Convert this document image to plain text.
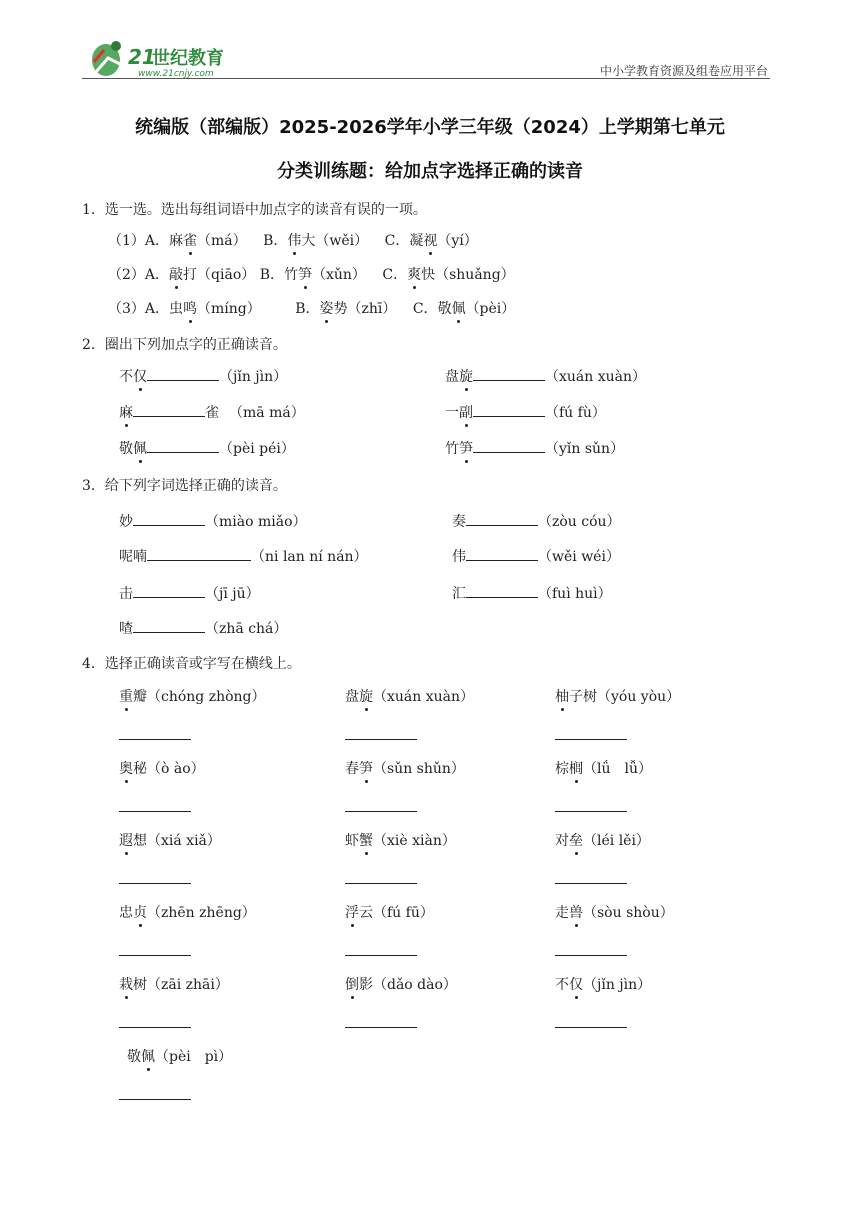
21
世纪教育
www.21cnjy.com	中小学教育资源及组卷应用平台
统编版（部编版）2025-2026学年小学三年级（2024）上学期第七单元
分类训练题：给加点字选择正确的读音
1．选一选。选出每组词语中加点字的读音有误的一项。
（1）A．麻雀（má） B．伟大（wěi） C．凝视（yí）
（2）A．敲打（qiāo） B．竹笋（xǔn） C．爽快（shuǎng）
（3）A．虫鸣（míng） B．姿势（zhī） C．敬佩（pèi）
2．圈出下列加点字的正确读音。
不仅	（jǐn jìn）	盘旋	（xuán xuàn）
麻	雀 （mā má）	一副	（fú fù）
敬佩	（pèi péi）	竹笋	（yǐn sǔn）
3．给下列字词选择正确的读音。
妙	（miào miǎo）	奏	（zòu cóu）
呢喃	（ni lan ní nán）	伟	（wěi wéi）
击	（jī jū）	汇	（fuì huì）
喳	（zhā chá）
4．选择正确读音或字写在横线上。
重瓣（chóng zhòng）	盘旋（xuán xuàn）	柚子树（yóu yòu）
奥秘（ò ào）	春笋（sǔn shǔn）	棕榈（lǘ　lǚ）
遐想（xiá xiǎ）	虾蟹（xiè xiàn）	对垒（léi lěi）
忠贞（zhēn zhēng）	浮云（fú fū）	走兽（sòu shòu）
栽树（zāi zhāi）	倒影（dǎo dào）	不仅（jǐn jìn）
敬佩（pèi　pì）
